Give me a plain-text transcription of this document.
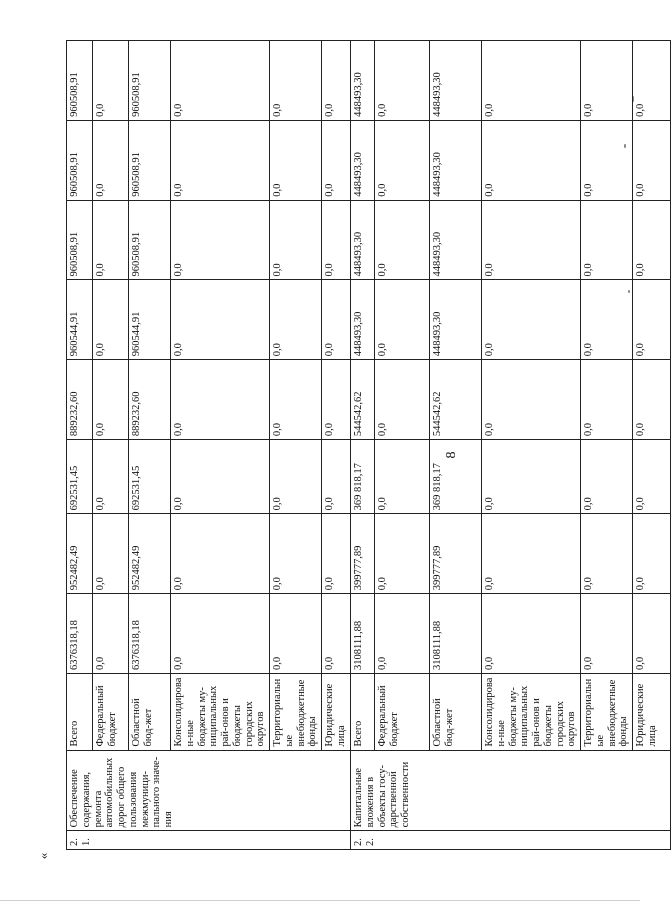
8
«
2.1.	Обеспечение содержания, ремонта автомобильных дорог общего пользования межмуници-пального значе-ния	Всего	6376318,18	952482,49	692531,45	889232,60	960544,91	960508,91	960508,91	960508,91
		Федеральный бюджет	0,0	0,0	0,0	0,0	0,0	0,0	0,0	0,0
		Областной бюд-жет	6376318,18	952482,49	692531,45	889232,60	960544,91	960508,91	960508,91	960508,91
		Консолидирован-ные бюджеты му-ниципальных рай-онов и бюджеты городских округов	0,0	0,0	0,0	0,0	0,0	0,0	0,0	0,0
		Территориальные внебюджетные фонды	0,0	0,0	0,0	0,0	0,0	0,0	0,0	0,0
		Юридические лица	0,0	0,0	0,0	0,0	0,0	0,0	0,0	0,0
2.2.	Капитальные вложения в объекты госу-дарственной собственности	Всего	3108111,88	399777,89	369 818,17	544542,62	448493,30	448493,30	448493,30	448493,30
		Федеральный бюджет	0,0	0,0	0,0	0,0	0,0	0,0	0,0	0,0
		Областной бюд-жет	3108111,88	399777,89	369 818,17	544542,62	448493,30	448493,30	448493,30	448493,30
		Консолидирован-ные бюджеты му-ниципальных рай-онов и бюджеты городских округов	0,0	0,0	0,0	0,0	0,0	0,0	0,0	0,0
		Территориальные внебюджетные фонды	0,0	0,0	0,0	0,0	0,0	0,0	0,0	0,0
		Юридические лица	0,0	0,0	0,0	0,0	0,0	0,0	0,0	0,0
